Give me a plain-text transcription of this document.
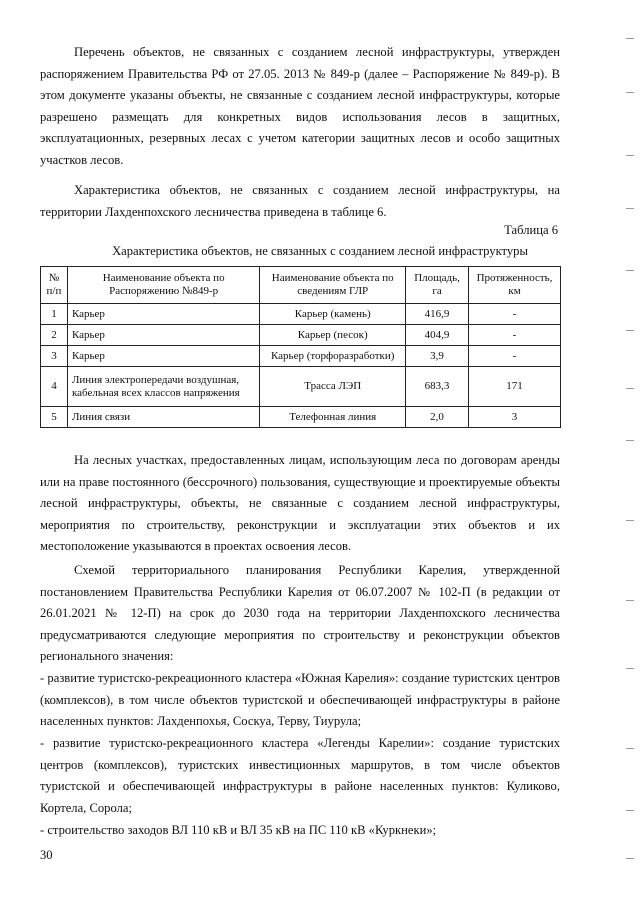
Перечень объектов, не связанных с созданием лесной инфраструктуры, утвержден распоряжением Правительства РФ от 27.05. 2013 № 849-р (далее – Распоряжение № 849-р). В этом документе указаны объекты, не связанные с созданием лесной инфраструктуры, которые разрешено размещать для конкретных видов использования лесов в защитных, эксплуатационных, резервных лесах с учетом категории защитных лесов и особо защитных участков лесов.

Характеристика объектов, не связанных с созданием лесной инфраструктуры, на территории Лахденпохского лесничества приведена в таблице 6.

Таблица 6

Характеристика объектов, не связанных с созданием лесной инфраструктуры

№ п/п	Наименование объекта по Распоряжению №849-р	Наименование объекта по сведениям ГЛР	Площадь, га	Протяженность, км
1	Карьер	Карьер (камень)	416,9	-
2	Карьер	Карьер (песок)	404,9	-
3	Карьер	Карьер (торфоразработки)	3,9	-
4	Линия электропередачи воздушная, кабельная всех классов напряжения	Трасса ЛЭП	683,3	171
5	Линия связи	Телефонная линия	2,0	3

На лесных участках, предоставленных лицам, использующим леса по договорам аренды или на праве постоянного (бессрочного) пользования, существующие и проектируемые объекты лесной инфраструктуры, объекты, не связанные с созданием лесной инфраструктуры, мероприятия по строительству, реконструкции и эксплуатации этих объектов и их местоположение указываются в проектах освоения лесов.

Схемой территориального планирования Республики Карелия, утвержденной постановлением Правительства Республики Карелия от 06.07.2007 № 102-П (в редакции от 26.01.2021 № 12-П) на срок до 2030 года на территории Лахденпохского лесничества предусматриваются следующие мероприятия по строительству и реконструкции объектов регионального значения:

- развитие туристско-рекреационного кластера «Южная Карелия»: создание туристских центров (комплексов), в том числе объектов туристской и обеспечивающей инфраструктуры в районе населенных пунктов: Лахденпохья, Соскуа, Терву, Тиурула;

- развитие туристско-рекреационного кластера «Легенды Карелии»: создание туристских центров (комплексов), туристских инвестиционных маршрутов, в том числе объектов туристской и обеспечивающей инфраструктуры в районе населенных пунктов: Куликово, Кортела, Сорола;

- строительство заходов ВЛ 110 кВ и ВЛ 35 кВ на ПС 110 кВ «Куркнеки»;

30
